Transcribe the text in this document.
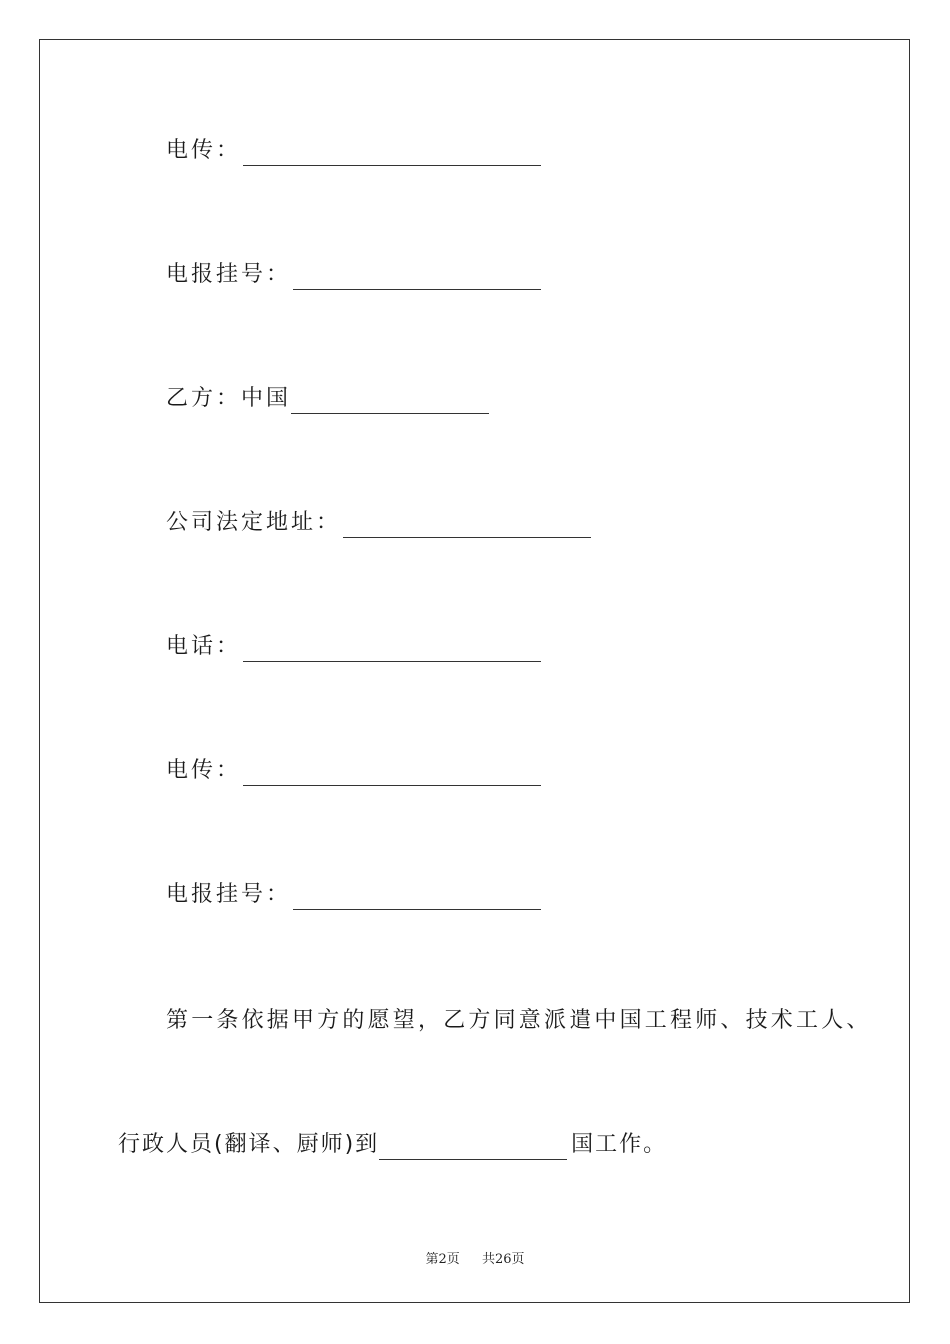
电传：
电报挂号：
乙方：中国
公司法定地址：
电话：
电传：
电报挂号：
第一条依据甲方的愿望，乙方同意派遣中国工程师、技术工人、
行政人员(翻译、厨师)到	国工作。
第2页 共26页
